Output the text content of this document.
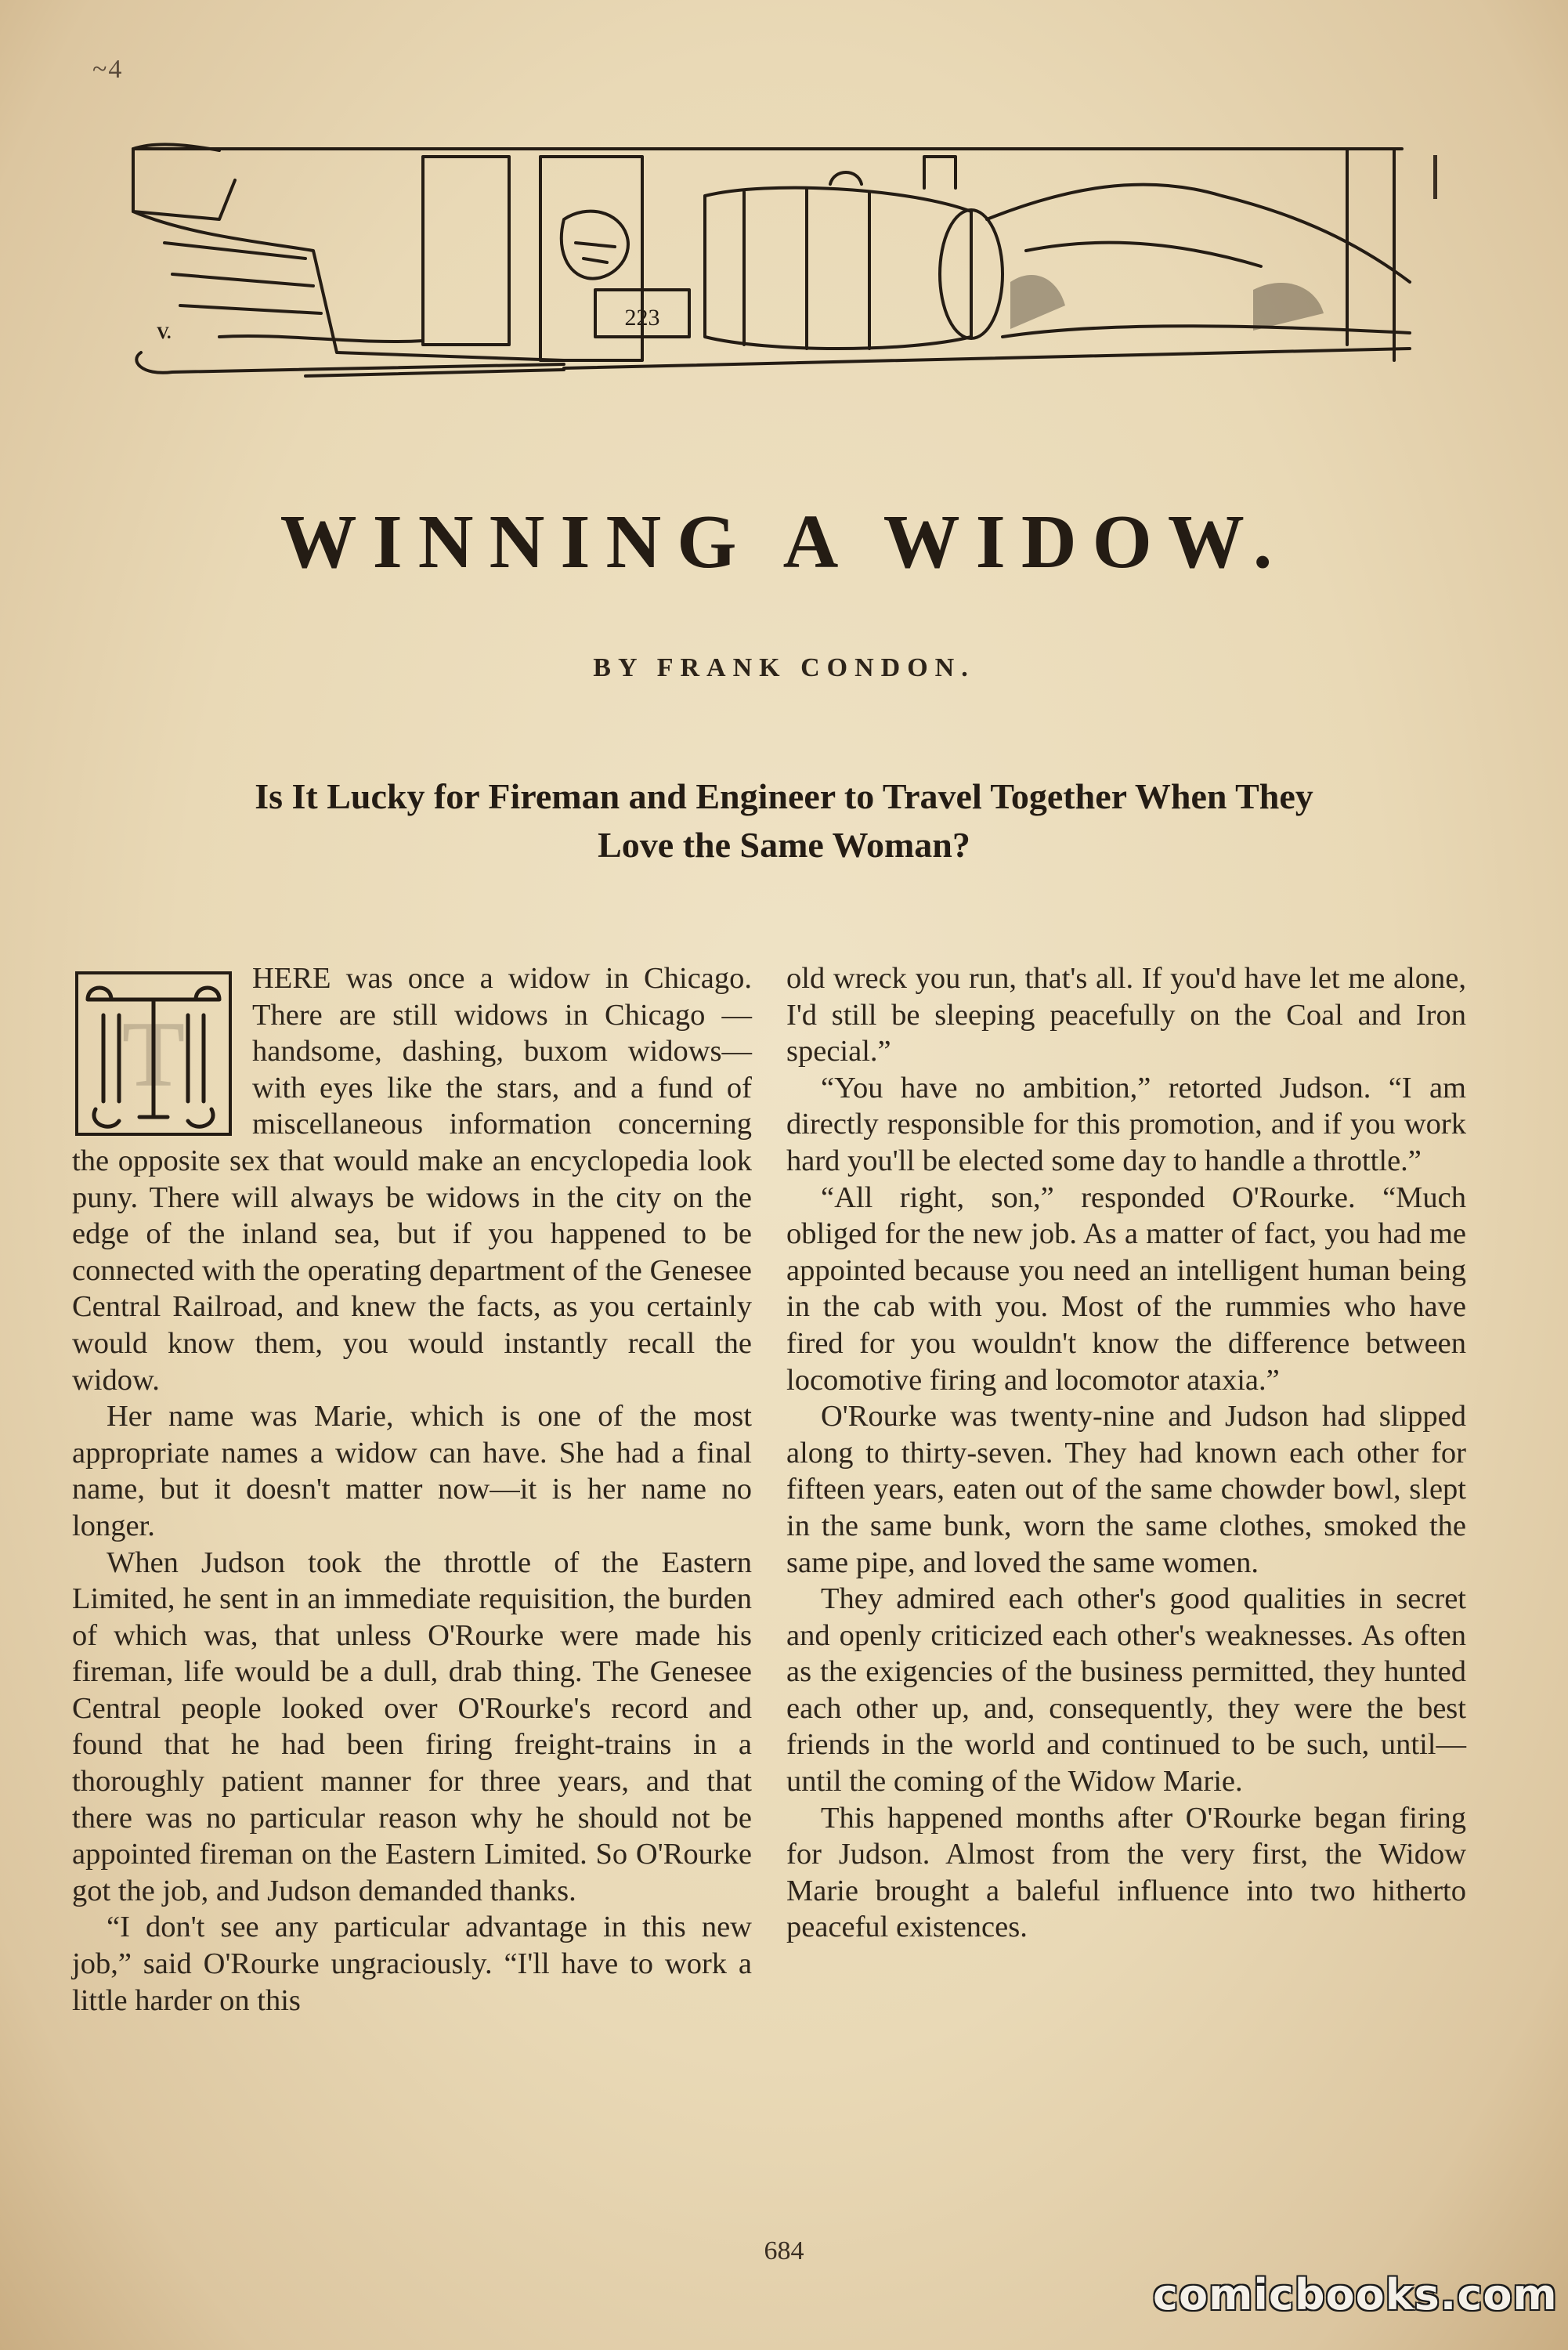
~4
223
V.
WINNING A WIDOW.
BY FRANK CONDON.
Is It Lucky for Fireman and Engineer to Travel Together When They Love the Same Woman?
T

HERE was once a widow in Chicago. There are still widows in Chicago — handsome, dashing, buxom widows—with eyes like the stars, and a fund of miscellaneous information concerning the opposite sex that would make an encyclopedia look puny. There will always be widows in the city on the edge of the inland sea, but if you happened to be connected with the operating department of the Genesee Central Railroad, and knew the facts, as you certainly would know them, you would instantly recall the widow.

Her name was Marie, which is one of the most appropriate names a widow can have. She had a final name, but it doesn't matter now—it is her name no longer.

When Judson took the throttle of the Eastern Limited, he sent in an immediate requisition, the burden of which was, that unless O'Rourke were made his fireman, life would be a dull, drab thing. The Genesee Central people looked over O'Rourke's record and found that he had been firing freight-trains in a thoroughly patient manner for three years, and that there was no particular reason why he should not be appointed fireman on the Eastern Limited. So O'Rourke got the job, and Judson demanded thanks.

“I don't see any particular advantage in this new job,” said O'Rourke ungraciously. “I'll have to work a little harder on this

old wreck you run, that's all. If you'd have let me alone, I'd still be sleeping peacefully on the Coal and Iron special.”

“You have no ambition,” retorted Judson. “I am directly responsible for this promotion, and if you work hard you'll be elected some day to handle a throttle.”

“All right, son,” responded O'Rourke. “Much obliged for the new job. As a matter of fact, you had me appointed because you need an intelligent human being in the cab with you. Most of the rummies who have fired for you wouldn't know the difference between locomotive firing and locomotor ataxia.”

O'Rourke was twenty-nine and Judson had slipped along to thirty-seven. They had known each other for fifteen years, eaten out of the same chowder bowl, slept in the same bunk, worn the same clothes, smoked the same pipe, and loved the same women.

They admired each other's good qualities in secret and openly criticized each other's weaknesses. As often as the exigencies of the business permitted, they hunted each other up, and, consequently, they were the best friends in the world and continued to be such, until—until the coming of the Widow Marie.

This happened months after O'Rourke began firing for Judson. Almost from the very first, the Widow Marie brought a baleful influence into two hitherto peaceful existences.

684
comicbooks.com
